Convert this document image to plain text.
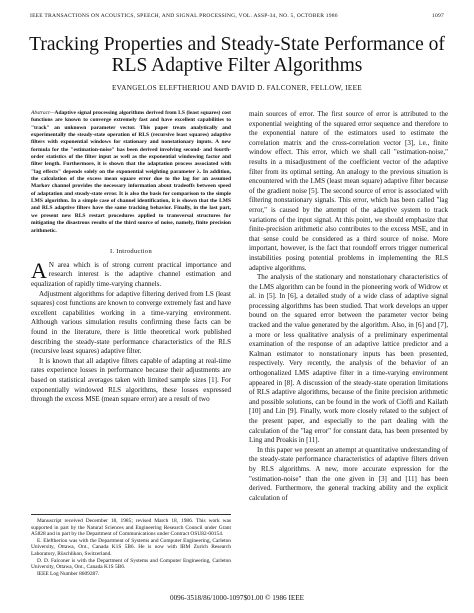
IEEE TRANSACTIONS ON ACOUSTICS, SPEECH, AND SIGNAL PROCESSING, VOL. ASSP-34, NO. 5, OCTOBER 1986	1097
Tracking Properties and Steady-State Performance of
RLS Adaptive Filter Algorithms
EVANGELOS ELEFTHERIOU AND DAVID D. FALCONER, FELLOW, IEEE

Abstract—Adaptive signal processing algorithms derived from LS (least squares) cost functions are known to converge extremely fast and have excellent capabilities to "track" an unknown parameter vector. This paper treats analytically and experimentally the steady-state operation of RLS (recursive least squares) adaptive filters with exponential windows for stationary and nonstationary inputs. A new formula for the "estimation-noise" has been derived involving second- and fourth-order statistics of the filter input as well as the exponential windowing factor and filter length. Furthermore, it is shown that the adaptation process associated with "lag effects" depends solely on the exponential weighting parameter λ. In addition, the calculation of the excess mean square error due to the lag for an assumed Markov channel provides the necessary information about tradeoffs between speed of adaptation and steady-state error. It is also the basis for comparison to the simple LMS algorithm. In a simple case of channel identification, it is shown that the LMS and RLS adaptive filters have the same tracking behavior. Finally, in the last part, we present new RLS restart procedures applied to transversal structures for mitigating the disastrous results of the third source of noise, namely, finite precision arithmetic.

I. Introduction

A N area which is of strong current practical importance and research interest is the adaptive channel estimation and equalization of rapidly time-varying channels.

Adjustment algorithms for adaptive filtering derived from LS (least squares) cost functions are known to converge extremely fast and have excellent capabilities working in a time-varying environment. Although various simulation results confirming these facts can be found in the literature, there is little theoretical work published describing the steady-state performance characteristics of the RLS (recursive least squares) adaptive filter.

It is known that all adaptive filters capable of adapting at real-time rates experience losses in performance because their adjustments are based on statistical averages taken with limited sample sizes [1]. For exponentially windowed RLS algorithms, these losses expressed through the excess MSE (mean square error) are a result of two

Manuscript received December 18, 1985; revised March 18, 1986. This work was supported in part by the Natural Sciences and Engineering Research Council under Grant A5828 and in part by the Department of Communications under Contract OSU82-00154.

E. Eleftheriou was with the Department of Systems and Computer Engineering, Carleton University, Ottawa, Ont., Canada K1S 5B6. He is now with IBM Zurich Research Laboratory, Rüschlikon, Switzerland.

D. D. Falconer is with the Department of Systems and Computer Engineering, Carleton University, Ottawa, Ont., Canada K1S 5B6.

IEEE Log Number 8609287.

main sources of error. The first source of error is attributed to the exponential weighting of the squared error sequence and therefore to the exponential nature of the estimators used to estimate the correlation matrix and the cross-correlation vector [3], i.e., finite window effect. This error, which we shall call "estimation-noise," results in a misadjustment of the coefficient vector of the adaptive filter from its optimal setting. An analogy to the previous situation is encountered with the LMS (least mean square) adaptive filter because of the gradient noise [5]. The second source of error is associated with filtering nonstationary signals. This error, which has been called "lag error," is caused by the attempt of the adaptive system to track variations of the input signal. At this point, we should emphasize that finite-precision arithmetic also contributes to the excess MSE, and in that sense could be considered as a third source of noise. More important, however, is the fact that roundoff errors trigger numerical instabilities posing potential problems in implementing the RLS adaptive algorithms.

The analysis of the stationary and nonstationary characteristics of the LMS algorithm can be found in the pioneering work of Widrow et al. in [5]. In [6], a detailed study of a wide class of adaptive signal processing algorithms has been studied. That work develops an upper bound on the squared error between the parameter vector being tracked and the value generated by the algorithm. Also, in [6] and [7], a more or less qualitative analysis of a preliminary experimental examination of the response of an adaptive lattice predictor and a Kalman estimator to nonstationary inputs has been presented, respectively. Very recently, the analysis of the behavior of an orthogonalized LMS adaptive filter in a time-varying environment appeared in [8]. A discussion of the steady-state operation limitations of RLS adaptive algorithms, because of the finite precision arithmetic and possible solutions, can be found in the work of Cioffi and Kailath [10] and Lin [9]. Finally, work more closely related to the subject of the present paper, and especially to the part dealing with the calculation of the "lag error" for constant data, has been presented by Ling and Proakis in [11].

In this paper we present an attempt at quantitative understanding of the steady-state performance characteristics of adaptive filters driven by RLS algorithms. A new, more accurate expression for the "estimation-noise" than the one given in [3] and [11] has been derived. Furthermore, the general tracking ability and the explicit calculation of

0096-3518/86/1000-1097$01.00 © 1986 IEEE
